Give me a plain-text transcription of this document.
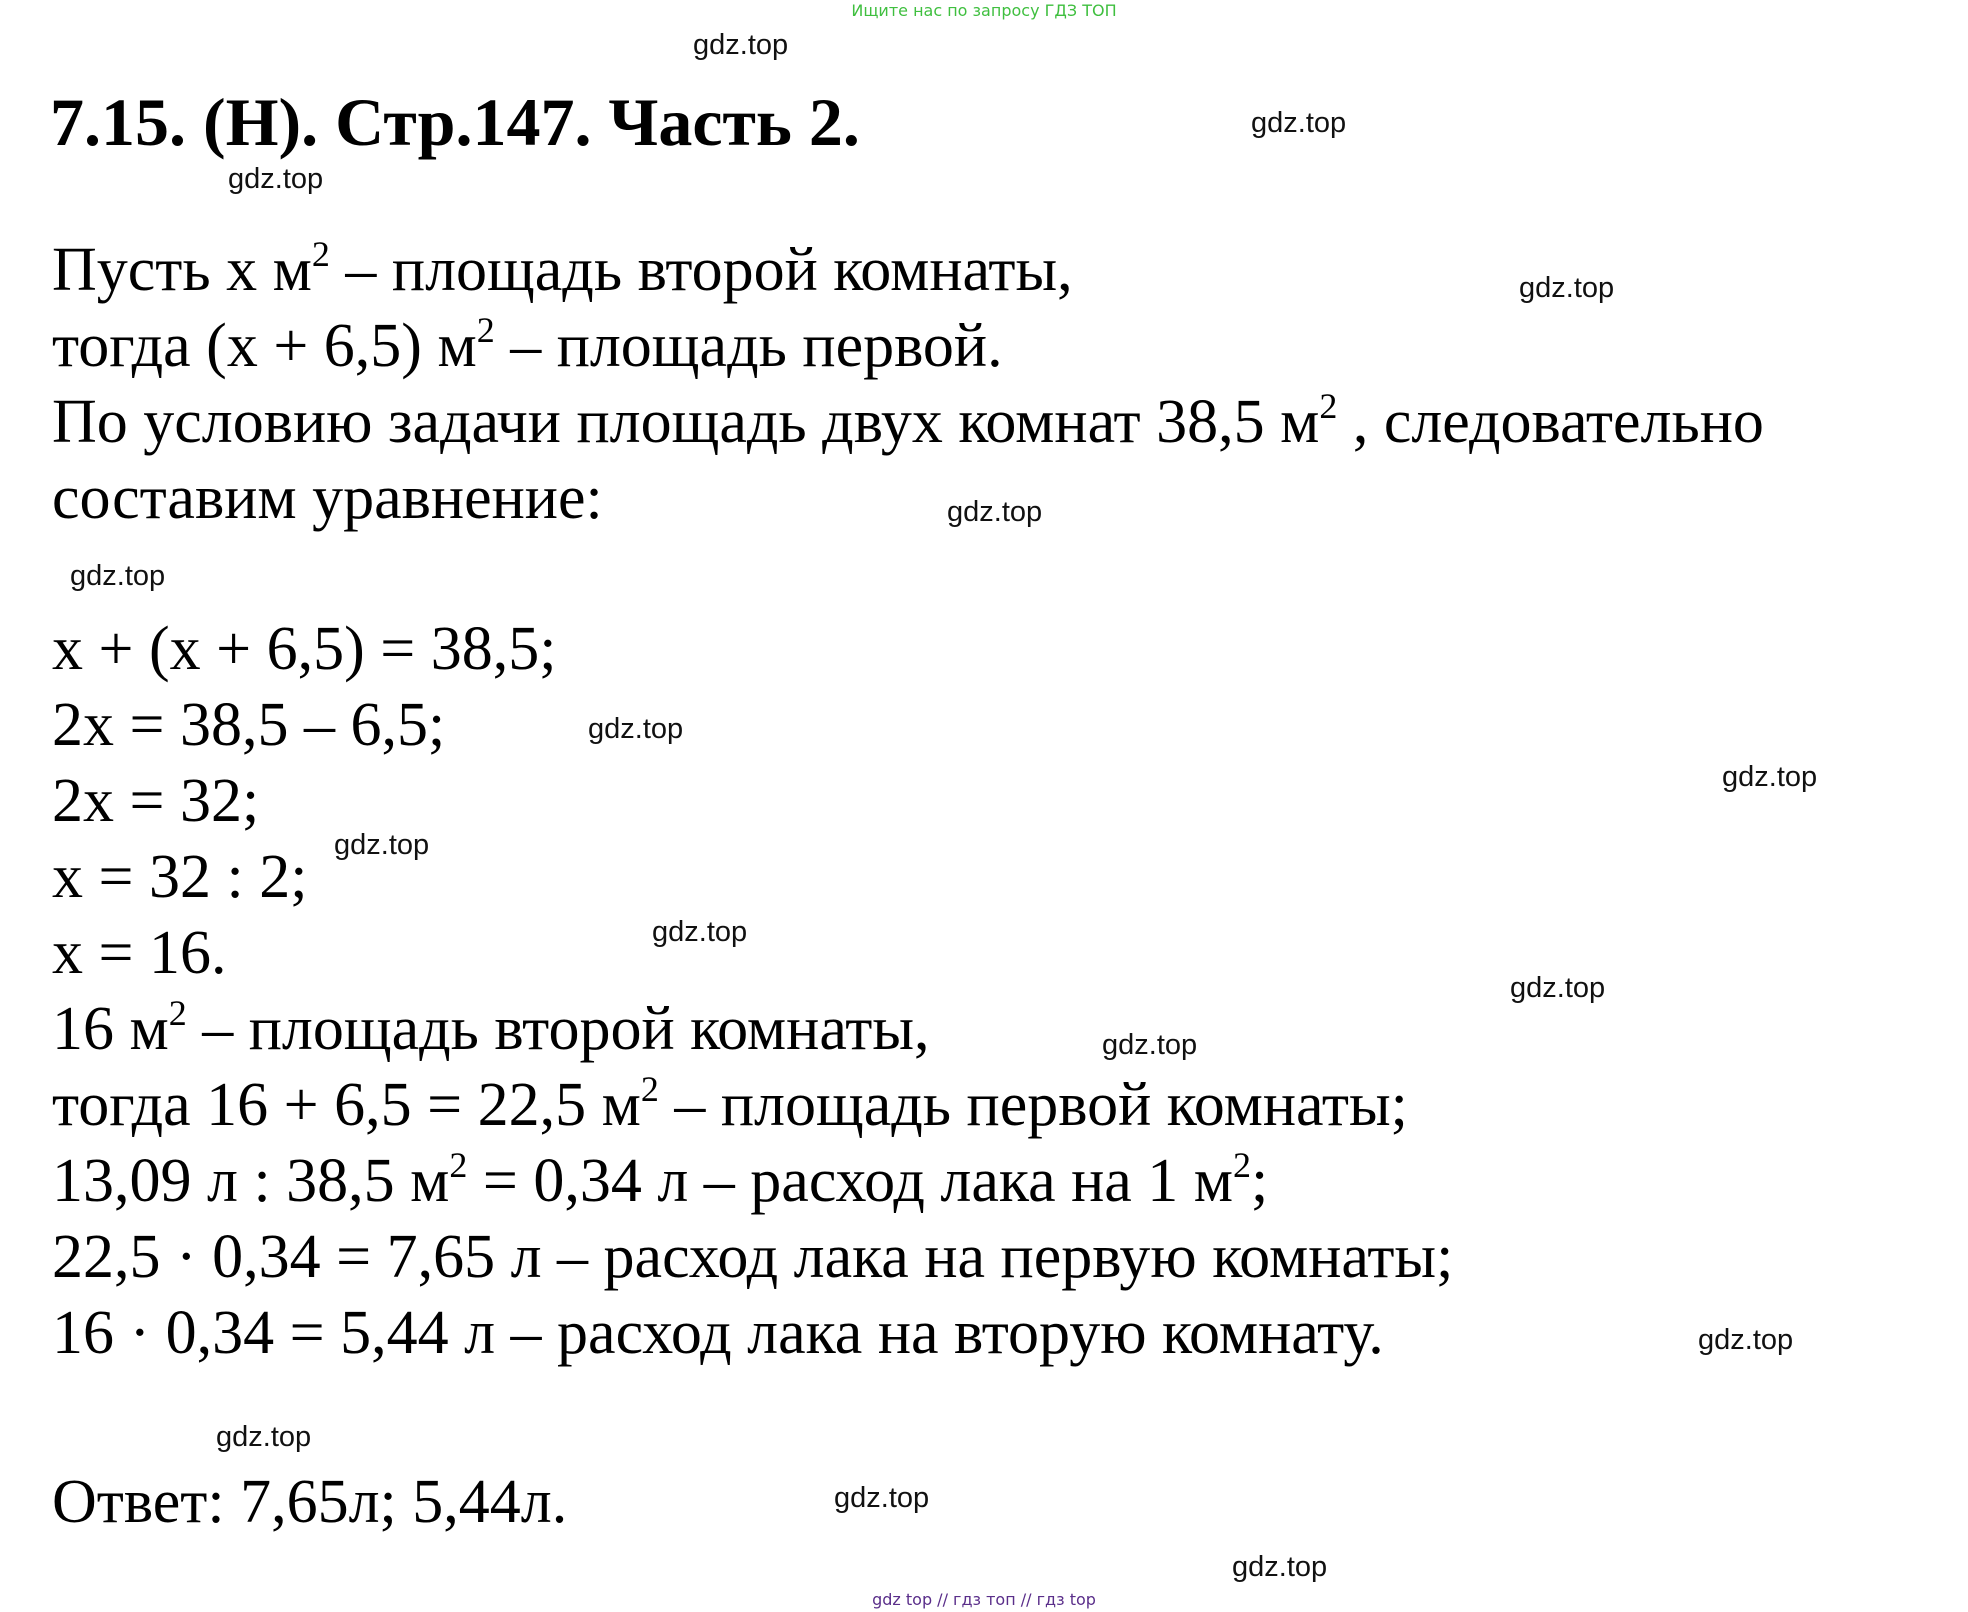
Ищите нас по запросу ГДЗ ТОП
7.15. (Н). Стр.147. Часть 2.
Пусть х $м^2$ – площадь второй комнаты,
тогда (х + 6,5) $м^2$ – площадь первой.
По условию задачи площадь двух комнат 38,5 $м^2$ , следовательно
составим уравнение:
х + (х + 6,5) = 38,5;
2х = 38,5 – 6,5;
2х = 32;
х = 32 : 2;
х = 16.
16 $м^2$ – площадь второй комнаты,
тогда 16 + 6,5 = 22,5 $м^2$ – площадь первой комнаты;
13,09 л : 38,5 $м^2 = 0,34$ л – расход лака на 1 $м^2$;
22,5 · 0,34 = 7,65 л – расход лака на первую комнаты;
16 · 0,34 = 5,44 л – расход лака на вторую комнату.
Ответ: 7,65л; 5,44л.
gdz.top
gdz.top
gdz.top
gdz.top
gdz.top
gdz.top
gdz.top
gdz.top
gdz.top
gdz.top
gdz.top
gdz.top
gdz.top
gdz.top
gdz.top
gdz.top
gdz top // гдз топ // гдз top
